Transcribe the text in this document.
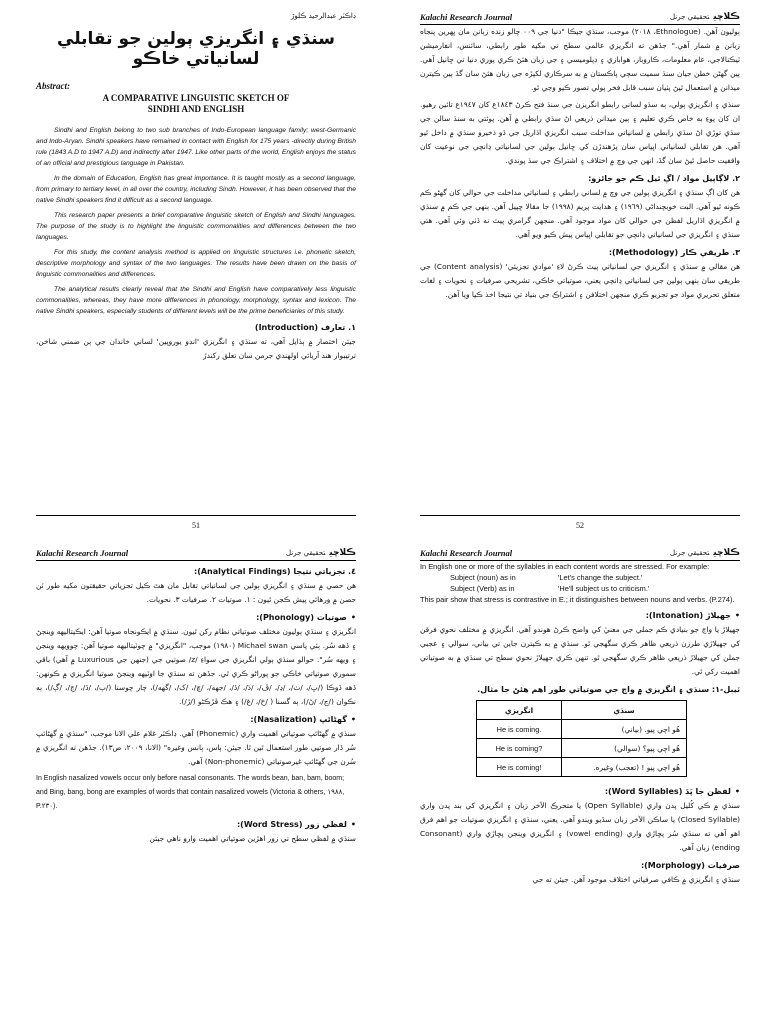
ڊاڪٽر عبدالرحيد ڪلوڙ

سنڌي ۽ انگريزي ٻولين جو تقابلي لسانياتي خاڪو

Abstract:

A COMPARATIVE LINGUISTIC SKETCH OF
SINDHI AND ENGLISH

Sindhi and English belong to two sub branches of Indo-European language family; west-Germanic and Indo-Aryan. Sindhi speakers have remained in contact with English for 175 years -directly during British rule (1843 A.D to 1947 A.D) and indirectly after 1947. Like other parts of the world, English enjoys the status of an official and prestigious language in Pakistan.

In the domain of Education, English has great importance. It is taught mostly as a second language, from primary to tertiary level, in all over the country, including Sindh. However, it has been observed that the native Sindhi speakers find it difficult as a second language.

This research paper presents a brief comparative linguistic sketch of English and Sindhi languages. The purpose of the study is to highlight the linguistic commonalities and differences between the two languages.

For this study, the content analysis method is applied on linguistic structures i.e. phonetic sketch, descriptive morphology and syntax of the two languages. The results have been drawn on the basis of linguistic commonalities and differences.

The analytical results clearly reveal that the Sindhi and English have comparatively less linguistic commonalities, whereas, they have more differences in phonology, morphology, syntax and lexicon. The native Sindhi speakers, especially students of different levels will be the prime beneficiaries of this study.

١. تعارف (Introduction)

جيئن اختصار ۾ ٻڌايل آهي، ته سنڌي ۽ انگريزي 'انڊو يوروپين' لساني خاندان جي ٻن ضمني شاخن، ترتيبوار هند آريائي اولهندي جرمن سان تعلق رکندڙ

51
Kalachi Research Journal	ڪلاچيتحقيقي جرنل

ٻوليون آهن. (Ethnologue، ٢٠١٨) موجب، سنڌي جيڪا "دنيا جي ٠٠٩ چالو زنده زبانن مان ڀهرين پنجاه زبانن ۾ شمار آهي." جڏهن ته انگريزي عالمي سطح تي مکيه طور رابطي، سائنس، انفارميشن ٽيڪنالاجي، عام معلومات، ڪاروبار، هوابازي ۽ ڊپلوميسي ۽ جي زبان هئڻ ڪري پوري دنيا تي ڇانيل آهي. ٻين گهڻن خطن جيان سنڌ سميت سڄي پاڪستان ۾ به سرڪاري لکپڙه جي زبان هئڻ سان گڏ ٻين ڪيترن ميدانن ۾ استعمال ٿيڻ پٺيان سبب قابل فخر ٻولي تصور ڪيو وڃي ٿو.

سنڌي ۽ انگريزي ٻولي، ٻه سڌو لساني رابطو انگريزن جي سنڌ فتح ڪرڻ ١٨٤٣ع کان ١٩٤٧ع تائين رهيو. ان کان پوءِ به خاص ڪري تعليم ۽ ٻين ميدانن ذريعي اڻ سڌي رابطي ۾ آهن. پوئتي به سنڌ سالن جي سڌي توڙي اڻ سڌي رابطي ۾ لسانياتي مداخلت سبب انگريزي اڌاريل جي ڏو ذخيرو سنڌي ۾ داخل ٿيو آهي. هن تقابلي لسانياتي اڀياس سان پڙهندڙن کي ڇانيل ٻولين جي لسانياتي ڍانچي جي نوعيت کان واقفيت حاصل ٿيڻ سان گڏ، انهن جي وچ ۾ اختلاف ۽ اشتراڪ جي سڌ پوندي.

٢. لاڳاپيل مواد / اڳ ٿيل ڪم جو جائزو:

هن کان اڳ سنڌي ۽ انگريزي ٻولين جي وچ ۾ لساني رابطي ۽ لسانياتي مداخلت جي حوالي کان گهڻو ڪم ڪونه ٿيو آهي. البت خوبچنداڻي (١٩٦٩) ۽ هدايت پريم (١٩٩٨) جا مقالا ڇپيل آهن. ٻنهي جي ڪم ۾ سنڌي ۾ انگريزي اڌاريل لفظن جي حوالي کان مواد موجود آهي. منجهن گرامري پيٽ نه ڏٺي وئي آهي. هتي سنڌي ۽ انگريزي جي لسانياتي ڍانچي جو تقابلي اڀياس پيش ڪيو ويو آهي.

٣. طريقي ڪار (Methodology):

هن مقالي ۾ سنڌي ۽ انگريزي جي لسانياتي پيٽ ڪرڻ لاءِ 'موادي تجزيئي' (Content analysis) جي طريقي سان ٻنهي ٻولين جي لسانياتي ڍانچي يعني، صوتياتي خاڪي، تشريحي صرفيات ۽ نحويات ۽ لغات متعلق تحريري مواد جو تجزيو ڪري منجهن اختلافن ۽ اشتراڪ جي بنياد تي نتيجا اخذ ڪيا ويا آهن.

52
Kalachi Research Journal	ڪلاچيتحقيقي جرنل
٤. تجزياتي نتيجا (Analytical Findings):

هن حصي ۾ سنڌي ۽ انگريزي ٻولين جي لسانياتي تقابل مان هٿ ڪيل تجزياتي حقيقتون مکيه طور ٽن حصن ۾ ورهائي پيش ڪجن ٿيون : ١. صوتيات ٢. صرفيات ٣. نحويات.

• صوتيات (Phonology):

انگريزي ۽ سنڌي ٻوليون مختلف صوتياتي نظام رکن ٿيون. سنڌي ۾ ايڪونجاه صوتيا آهن: ايڪيتاليهه وينجڻ ۽ ڏهه سُر. ٻئي پاسي Michael swan (١٩٨٠) موجب، "انگريزي" ۾ چوٽيتاليهه صوتيا آهن: چوويهه وينجن ۽ ويهه سُر". حوالو سنڌي ٻولي انگريزي جي سواءِ /z/ صوتيي جي (جنهن جي Luxurious ۾ آهي) باقي سموري صوتياتي خاڪي جو پوراڻو ڪري ٿي. جڏهن ته سنڌي جا اوٽيهه وينجڻ صوتيا انگريزي ۾ ڪونهن: ڏهه ڏوڪا (/ڀ/، /ٺ/، /ڍ/، /ڦ/، /ڌ/، /ڏ/، /جهه/، /ڇ/، /ک/، /گهه/)، چار چوسنا (/ٻ/، /ڏ/، /ڄ/، /ڳ/)، ٻه نڪوان (/ڃ/، /ڻ/)، ٻه گسنا ( /خ/، /غ/) ۽ هڪ ڦڙڪڻو (/ڙ/).

• گهڻائپ (Nasalization):

سنڌي ۾ گهڻائپ صوتياتي اهميت واري (Phonemic) آهي. ڊاڪٽر غلام علي الانا موجب، "سنڌي ۾ گهڻائپ سُر ڏار صوتيي طور استعمال ٿين ٿا. جيئن: ٻاس، ٻانس وغيره" (الانا، ٢٠٠٩، ص١٣). جڏهن ته انگريزي ۾ سُرن جي گهڻائپ غيرصوتياتي (Non-phonemic) آهي.

In English nasalized vowels occur only before nasal consonants. The words bean, ban, bam, boom; and Bing, bang, bong are examples of words that contain nasalized vowels (Victoria & others, ١٩٨٨, P.٢٣٠).

• لفظي زور (Word Stress):

سنڌي ۾ لفظي سطح تي زور اهڙين صوتياتي اهميت وارو ناهي جيئن

Kalachi Research Journal	ڪلاچيتحقيقي جرنل

In English one or more of the syllables in each content words are stressed. For example:

Subject (noun) as in	'Let's change the subject.'
Subject (Verb) as in	'He'll subject us to criticism.'

This pair show that stress is contrastive in E.; it distinguishes between nouns and verbs. (P.274).

• جهيلاڙ (Intonation):

جهيلاڙ يا واڄ جو بنيادي ڪم جملي جي معنيٰ کي واضح ڪرڻ هوندو آهي. انگريزي ۾ مختلف نحوي فرقن کي جهيلاڙي طرزن ذريعي ظاهر ڪري سگهجي ٿو. سنڌي ۾ به ڪيترن جاين تي بياني، سوالي ۽ عجبي جملن کي جهيلاڙ ذريعي ظاهر ڪري سگهجي ٿو. تنهن ڪري جهيلاڙ نحوي سطح تي سنڌي ۾ به صوتياتي اهميت رکي ٿي.

ٽيبل-١: سنڌي ۽ انگريزي ۾ واڄ جي صوتياتي طور اهم هئڻ جا مثال.
انگريزي	سنڌي
He is coming.	هُو اچي پيو. (بياني)
He is coming?	هُو اچي پيو؟ (سوالي)
He is coming!	هُو اچي پيو ! (تعجب) وغيره.
• لفظن جا پَدَ (Word Syllables):

سنڌي ۾ ڪي کُليل پدن واري (Open Syllable) يا متحرڪ الآخر زبان ۽ انگريزي کي بند پدن واري (Closed Syllable) يا ساڪن الآخر زبان سڏيو ويندو آهي. يعني، سنڌي ۽ انگريزي صوتيات جو اهم فرق اهو آهي ته سنڌي سُر پڇاڙي واري (vowel ending) ۽ انگريزي وينجن پڇاڙي واري (Consonant ending) زبان آهي.

صرفيات (Morphology):

سنڌي ۽ انگريزي ۾ ڪافي صرفياتي اختلاف موجود آهن. جيئن ته جي
